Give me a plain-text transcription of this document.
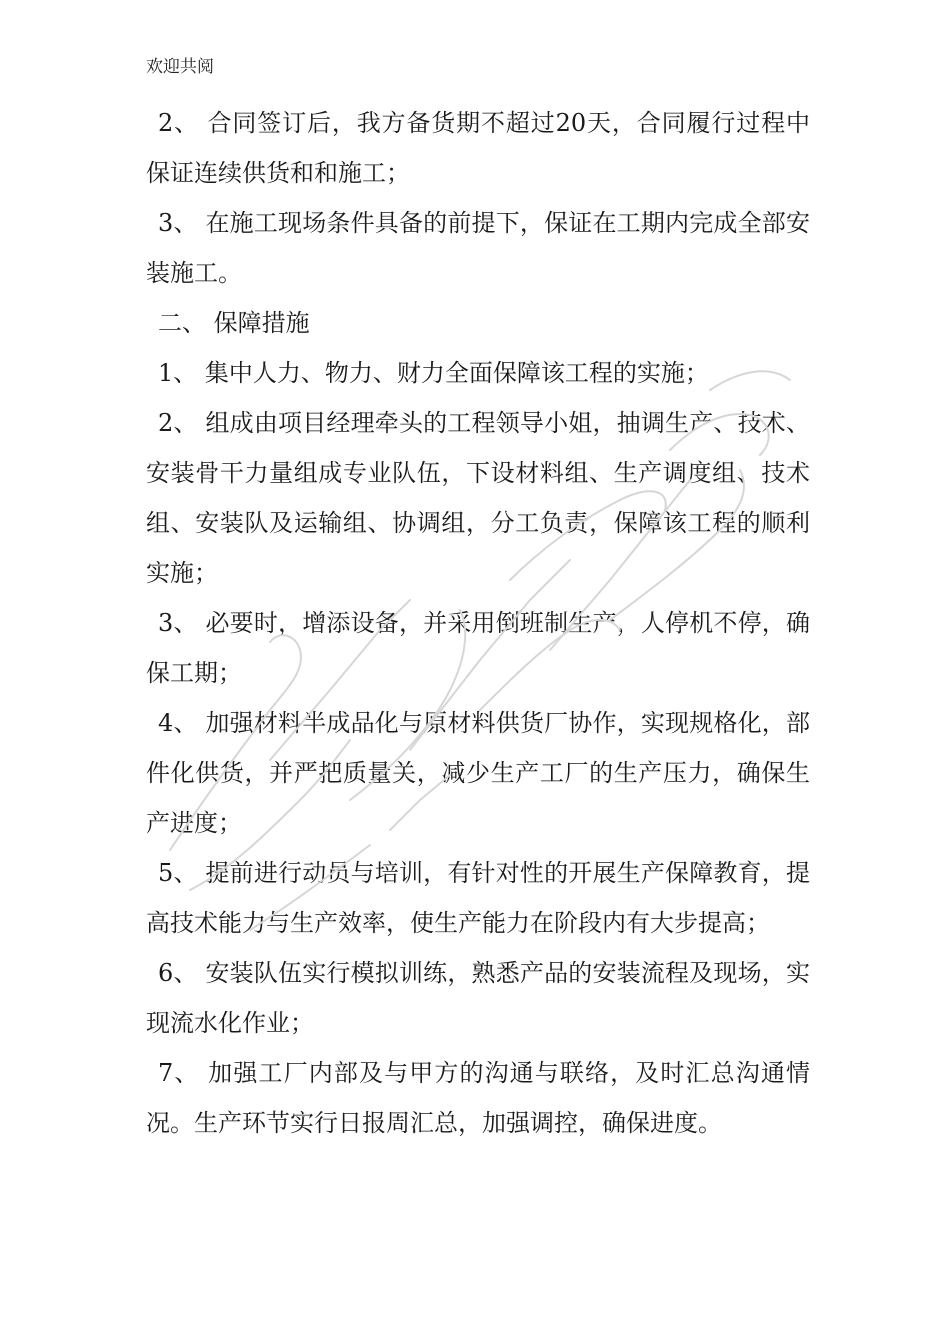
欢迎共阅

2、 合同签订后，我方备货期不超过20天，合同履行过程中保证连续供货和和施工；

3、 在施工现场条件具备的前提下，保证在工期内完成全部安装施工。

二、 保障措施

1、 集中人力、物力、财力全面保障该工程的实施；

2、 组成由项目经理牵头的工程领导小姐，抽调生产、技术、安装骨干力量组成专业队伍，下设材料组、生产调度组、技术组、安装队及运输组、协调组，分工负责，保障该工程的顺利实施；

3、 必要时，增添设备，并采用倒班制生产，人停机不停，确保工期；

4、 加强材料半成品化与原材料供货厂协作，实现规格化，部件化供货，并严把质量关，减少生产工厂的生产压力，确保生产进度；

5、 提前进行动员与培训，有针对性的开展生产保障教育，提高技术能力与生产效率，使生产能力在阶段内有大步提高；

6、 安装队伍实行模拟训练，熟悉产品的安装流程及现场，实现流水化作业；

7、 加强工厂内部及与甲方的沟通与联络，及时汇总沟通情况。生产环节实行日报周汇总，加强调控，确保进度。
